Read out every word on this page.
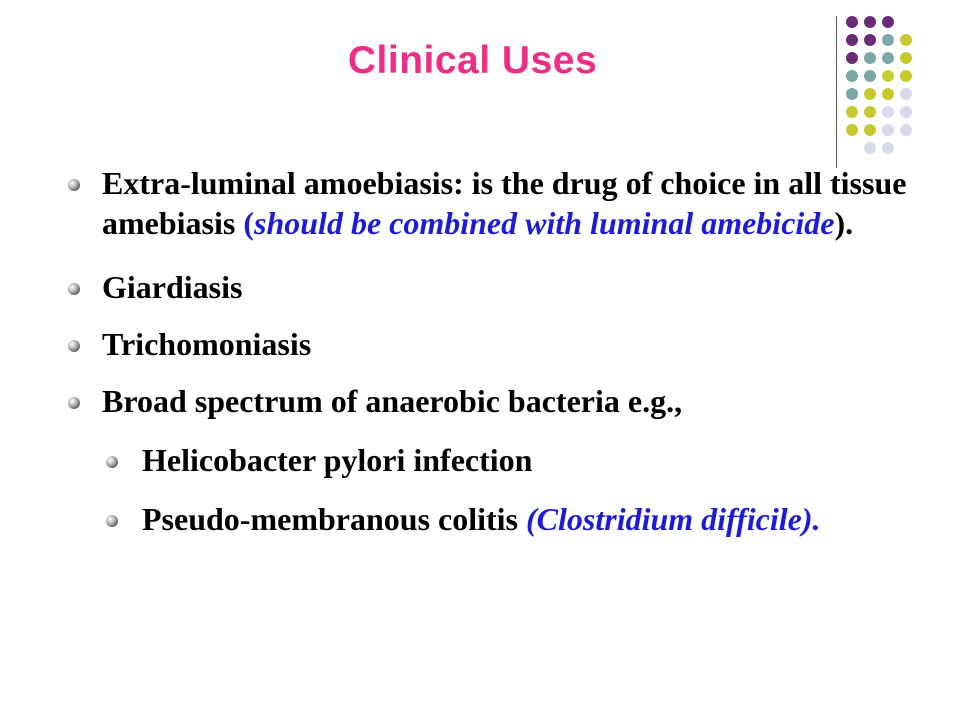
Clinical Uses
Extra-luminal amoebiasis: is the drug of choice in all tissue amebiasis (should be combined with luminal amebicide).
Giardiasis
Trichomoniasis
Broad spectrum of anaerobic bacteria e.g.,
Helicobacter pylori infection
Pseudo-membranous colitis (Clostridium difficile).
